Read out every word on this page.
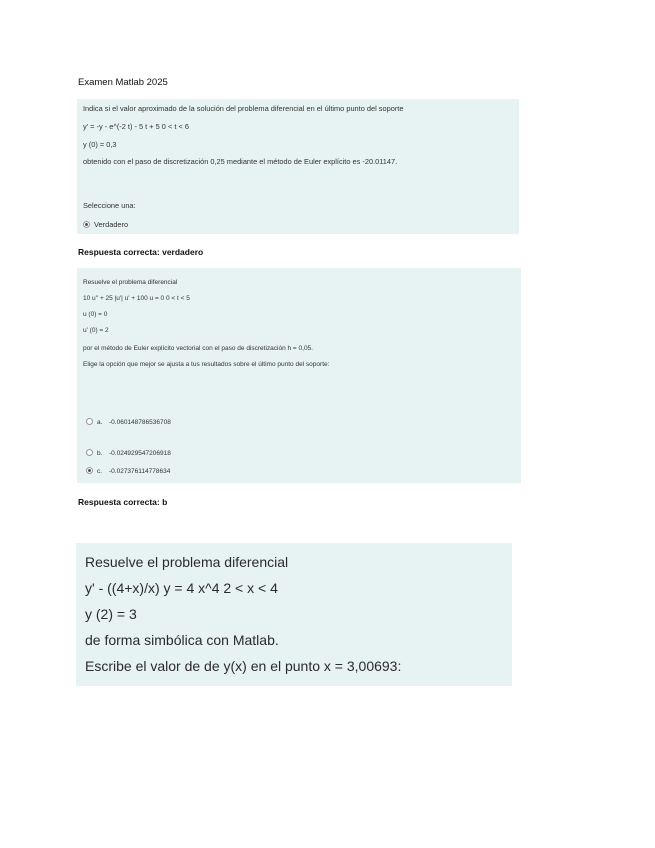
Examen Matlab 2025
Indica si el valor aproximado de la solución del problema diferencial en el último punto del soporte
y' = -y - e^(-2 t) - 5 t + 5 0 < t < 6
y (0) = 0,3
obtenido con el paso de discretización 0,25 mediante el método de Euler explícito es -20.01147.
Seleccione una:
Verdadero
Respuesta correcta: verdadero
Resuelve el problema diferencial
10 u'' + 25 |u'| u' + 100 u = 0 0 < t < 5
u (0) = 0
u' (0) = 2
por el método de Euler explícito vectorial con el paso de discretización h = 0,05.
Elige la opción que mejor se ajusta a tus resultados sobre el último punto del soporte:
a. -0.060148786536708
b. -0.024929547206918
c. -0.027376114778634
Respuesta correcta: b
Resuelve el problema diferencial
y' - ((4+x)/x) y = 4 x^4 2 < x < 4
y (2) = 3
de forma simbólica con Matlab.
Escribe el valor de de y(x) en el punto x = 3,00693:
